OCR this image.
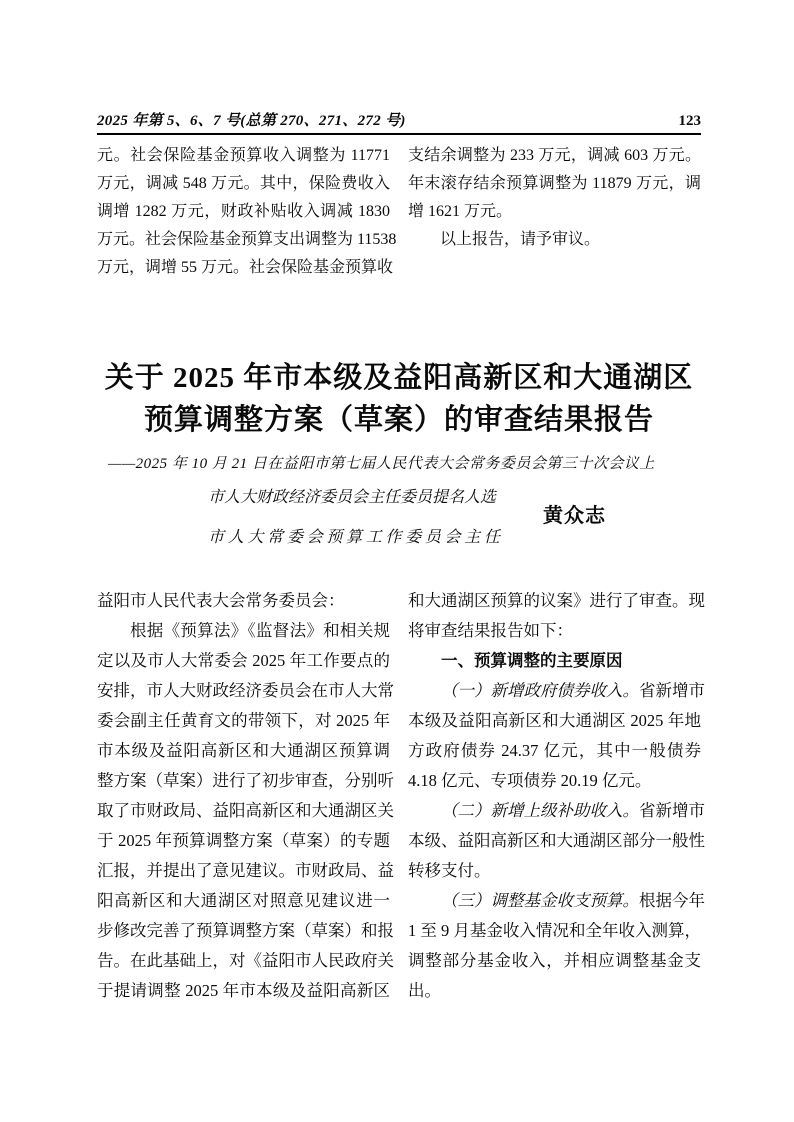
2025 年第 5、6、7 号(总第 270、271、272 号)	123
元。社会保险基金预算收入调整为 11771
万元，调减 548 万元。其中，保险费收入
调增 1282 万元，财政补贴收入调减 1830
万元。社会保险基金预算支出调整为 11538
万元，调增 55 万元。社会保险基金预算收
支结余调整为 233 万元，调减 603 万元。
年末滚存结余预算调整为 11879 万元，调
增 1621 万元。
以上报告，请予审议。
关于 2025 年市本级及益阳高新区和大通湖区
预算调整方案（草案）的审查结果报告
——2025 年 10 月 21 日在益阳市第七届人民代表大会常务委员会第三十次会议上
市人大财政经济委员会主任委员提名人选
市人大常委会预算工作委员会主任
黄众志
益阳市人民代表大会常务委员会：
根据《预算法》《监督法》和相关规
定以及市人大常委会 2025 年工作要点的
安排，市人大财政经济委员会在市人大常
委会副主任黄育文的带领下，对 2025 年
市本级及益阳高新区和大通湖区预算调
整方案（草案）进行了初步审查，分别听
取了市财政局、益阳高新区和大通湖区关
于 2025 年预算调整方案（草案）的专题
汇报，并提出了意见建议。市财政局、益
阳高新区和大通湖区对照意见建议进一
步修改完善了预算调整方案（草案）和报
告。在此基础上，对《益阳市人民政府关
于提请调整 2025 年市本级及益阳高新区
和大通湖区预算的议案》进行了审查。现
将审查结果报告如下：
一、预算调整的主要原因
（一）新增政府债券收入。省新增市
本级及益阳高新区和大通湖区 2025 年地
方政府债券 24.37 亿元，其中一般债券
4.18 亿元、专项债券 20.19 亿元。
（二）新增上级补助收入。省新增市
本级、益阳高新区和大通湖区部分一般性
转移支付。
（三）调整基金收支预算。根据今年
1 至 9 月基金收入情况和全年收入测算，
调整部分基金收入，并相应调整基金支
出。
